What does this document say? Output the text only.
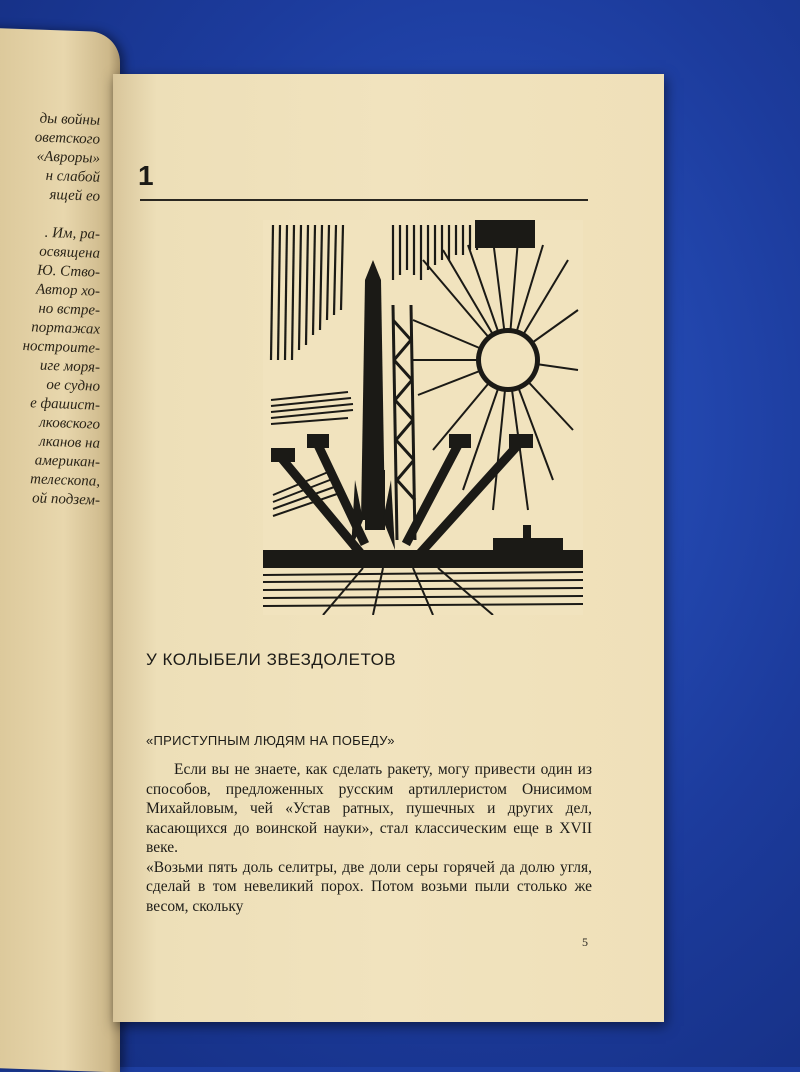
ды войны
оветского
«Авроры»
н слабой
ящей ео

. Им, ра-
освящена
Ю. Ство-
Автор хо-
но встре-
портажах
ностроите-
иге моря-
ое судно
е фашист-
лковского
лканов на
американ-
телескопа,
ой подзем-
1
У КОЛЫБЕЛИ ЗВЕЗДОЛЕТОВ
«ПРИСТУПНЫМ ЛЮДЯМ НА ПОБЕДУ»

Если вы не знаете, как сделать ракету, могу привести один из способов, предложенных русским артиллеристом Онисимом Михайловым, чей «Устав ратных, пушечных и других дел, касающихся до воинской науки», стал классическим еще в XVII веке.

«Возьми пять доль селитры, две доли серы горячей да долю угля, сделай в том невеликий порох. Потом возьми пыли столько же весом, скольку

5
